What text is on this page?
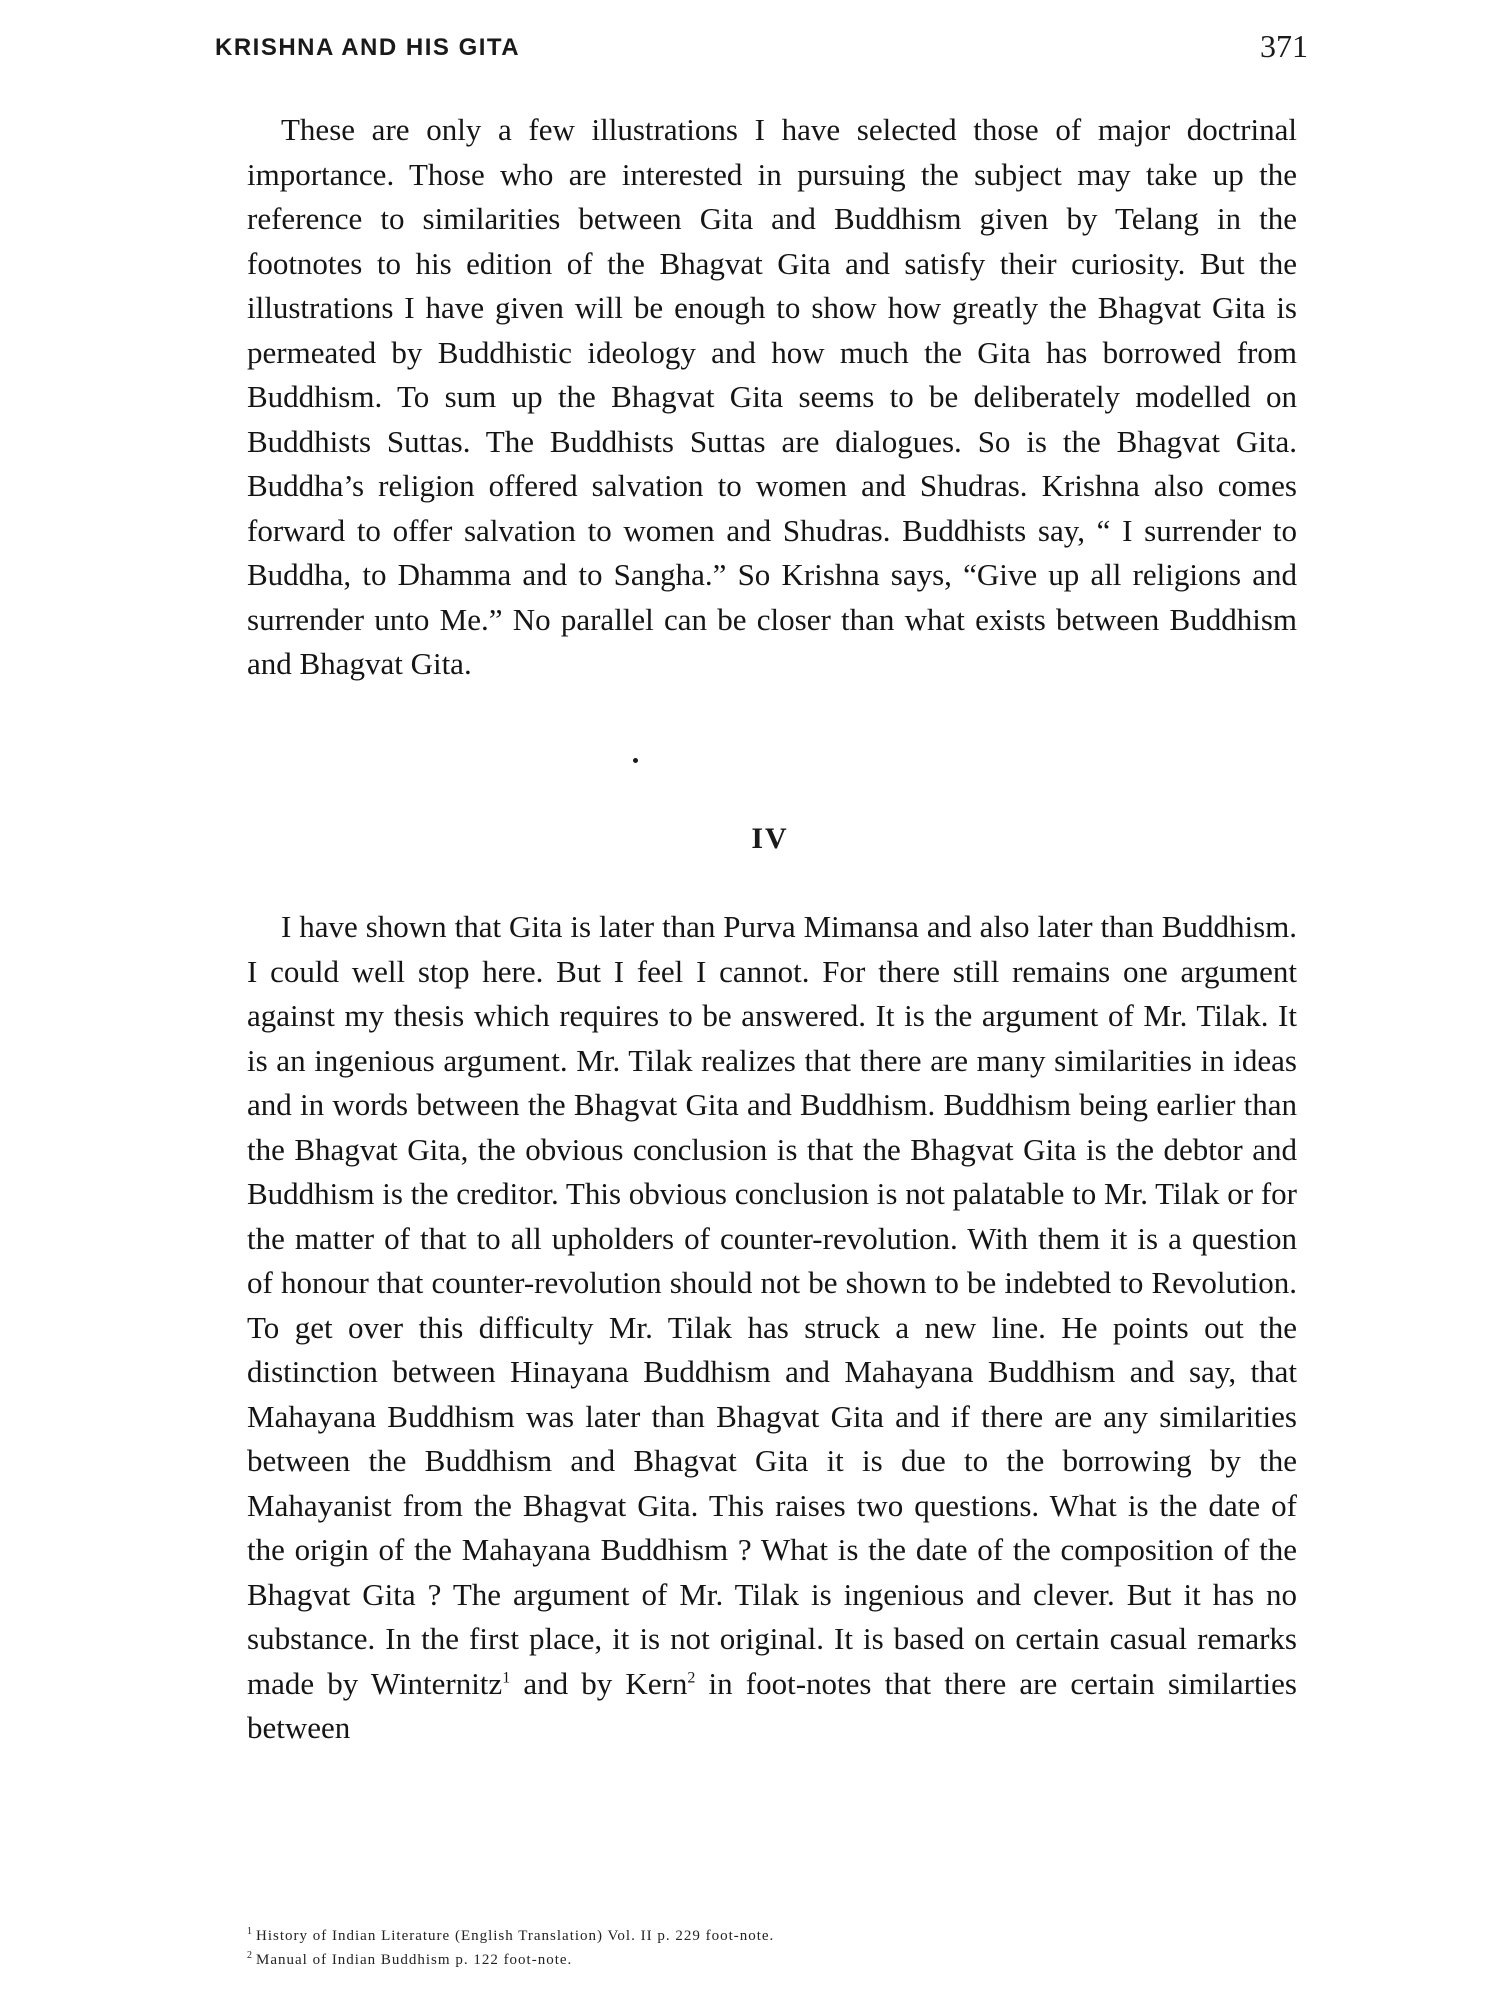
KRISHNA AND HIS GITA	371

These are only a few illustrations I have selected those of major doctrinal importance. Those who are interested in pursuing the subject may take up the reference to similarities between Gita and Buddhism given by Telang in the footnotes to his edition of the Bhagvat Gita and satisfy their curiosity. But the illustrations I have given will be enough to show how greatly the Bhagvat Gita is permeated by Buddhistic ideology and how much the Gita has borrowed from Buddhism. To sum up the Bhagvat Gita seems to be deliberately modelled on Buddhists Suttas. The Buddhists Suttas are dialogues. So is the Bhagvat Gita. Buddha’s religion offered salvation to women and Shudras. Krishna also comes forward to offer salvation to women and Shudras. Buddhists say, “ I surrender to Buddha, to Dhamma and to Sangha.” So Krishna says, “Give up all religions and surrender unto Me.” No parallel can be closer than what exists between Buddhism and Bhagvat Gita.

IV

I have shown that Gita is later than Purva Mimansa and also later than Buddhism. I could well stop here. But I feel I cannot. For there still remains one argument against my thesis which requires to be answered. It is the argument of Mr. Tilak. It is an ingenious argument. Mr. Tilak realizes that there are many similarities in ideas and in words between the Bhagvat Gita and Buddhism. Buddhism being earlier than the Bhagvat Gita, the obvious conclusion is that the Bhagvat Gita is the debtor and Buddhism is the creditor. This obvious conclusion is not palatable to Mr. Tilak or for the matter of that to all upholders of counter-revolution. With them it is a question of honour that counter-revolution should not be shown to be indebted to Revolution. To get over this difficulty Mr. Tilak has struck a new line. He points out the distinction between Hinayana Buddhism and Mahayana Buddhism and say, that Mahayana Buddhism was later than Bhagvat Gita and if there are any similarities between the Buddhism and Bhagvat Gita it is due to the borrowing by the Mahayanist from the Bhagvat Gita. This raises two questions. What is the date of the origin of the Mahayana Buddhism ? What is the date of the composition of the Bhagvat Gita ? The argument of Mr. Tilak is ingenious and clever. But it has no substance. In the first place, it is not original. It is based on certain casual remarks made by Winternitz$^1$ and by Kern$^2$ in foot-notes that there are certain similarties between

$^1$ History of Indian Literature (English Translation) Vol. II p. 229 foot-note.

$^2$ Manual of Indian Buddhism p. 122 foot-note.
